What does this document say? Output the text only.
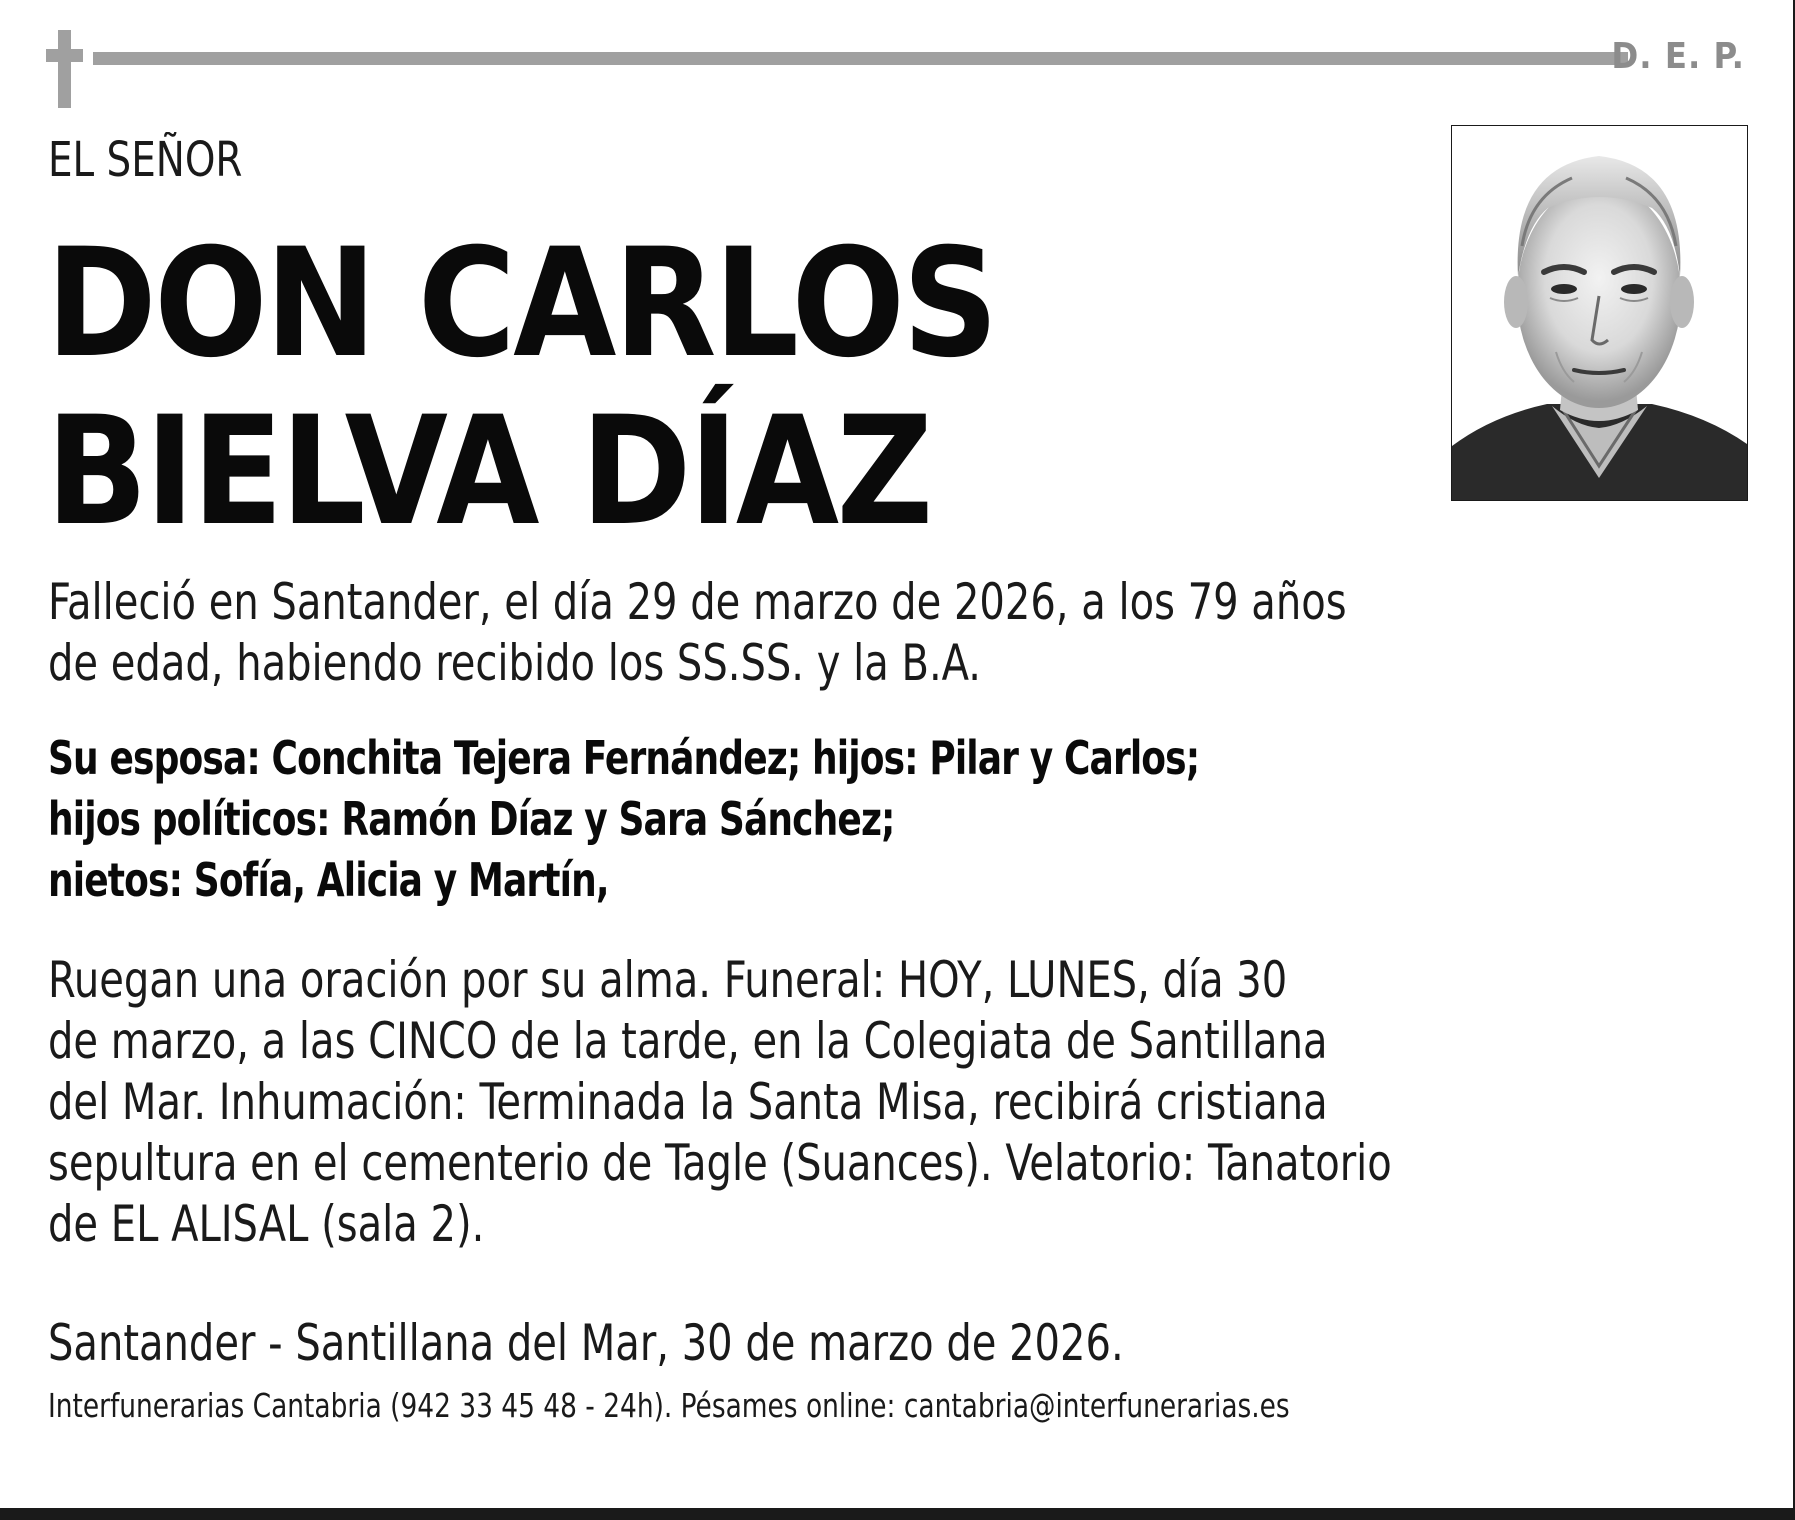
D. E. P.
EL SEÑOR
DON CARLOS
BIELVA DÍAZ
Falleció en Santander, el día 29 de marzo de 2026, a los 79 años
de edad, habiendo recibido los SS.SS. y la B.A.
Su esposa: Conchita Tejera Fernández; hijos: Pilar y Carlos;
hijos políticos: Ramón Díaz y Sara Sánchez;
nietos: Sofía, Alicia y Martín,
Ruegan una oración por su alma. Funeral: HOY, LUNES, día 30
de marzo, a las CINCO de la tarde, en la Colegiata de Santillana
del Mar. Inhumación: Terminada la Santa Misa, recibirá cristiana
sepultura en el cementerio de Tagle (Suances). Velatorio: Tanatorio
de EL ALISAL (sala 2).
Santander - Santillana del Mar, 30 de marzo de 2026.
Interfunerarias Cantabria (942 33 45 48 - 24h). Pésames online: cantabria@interfunerarias.es
